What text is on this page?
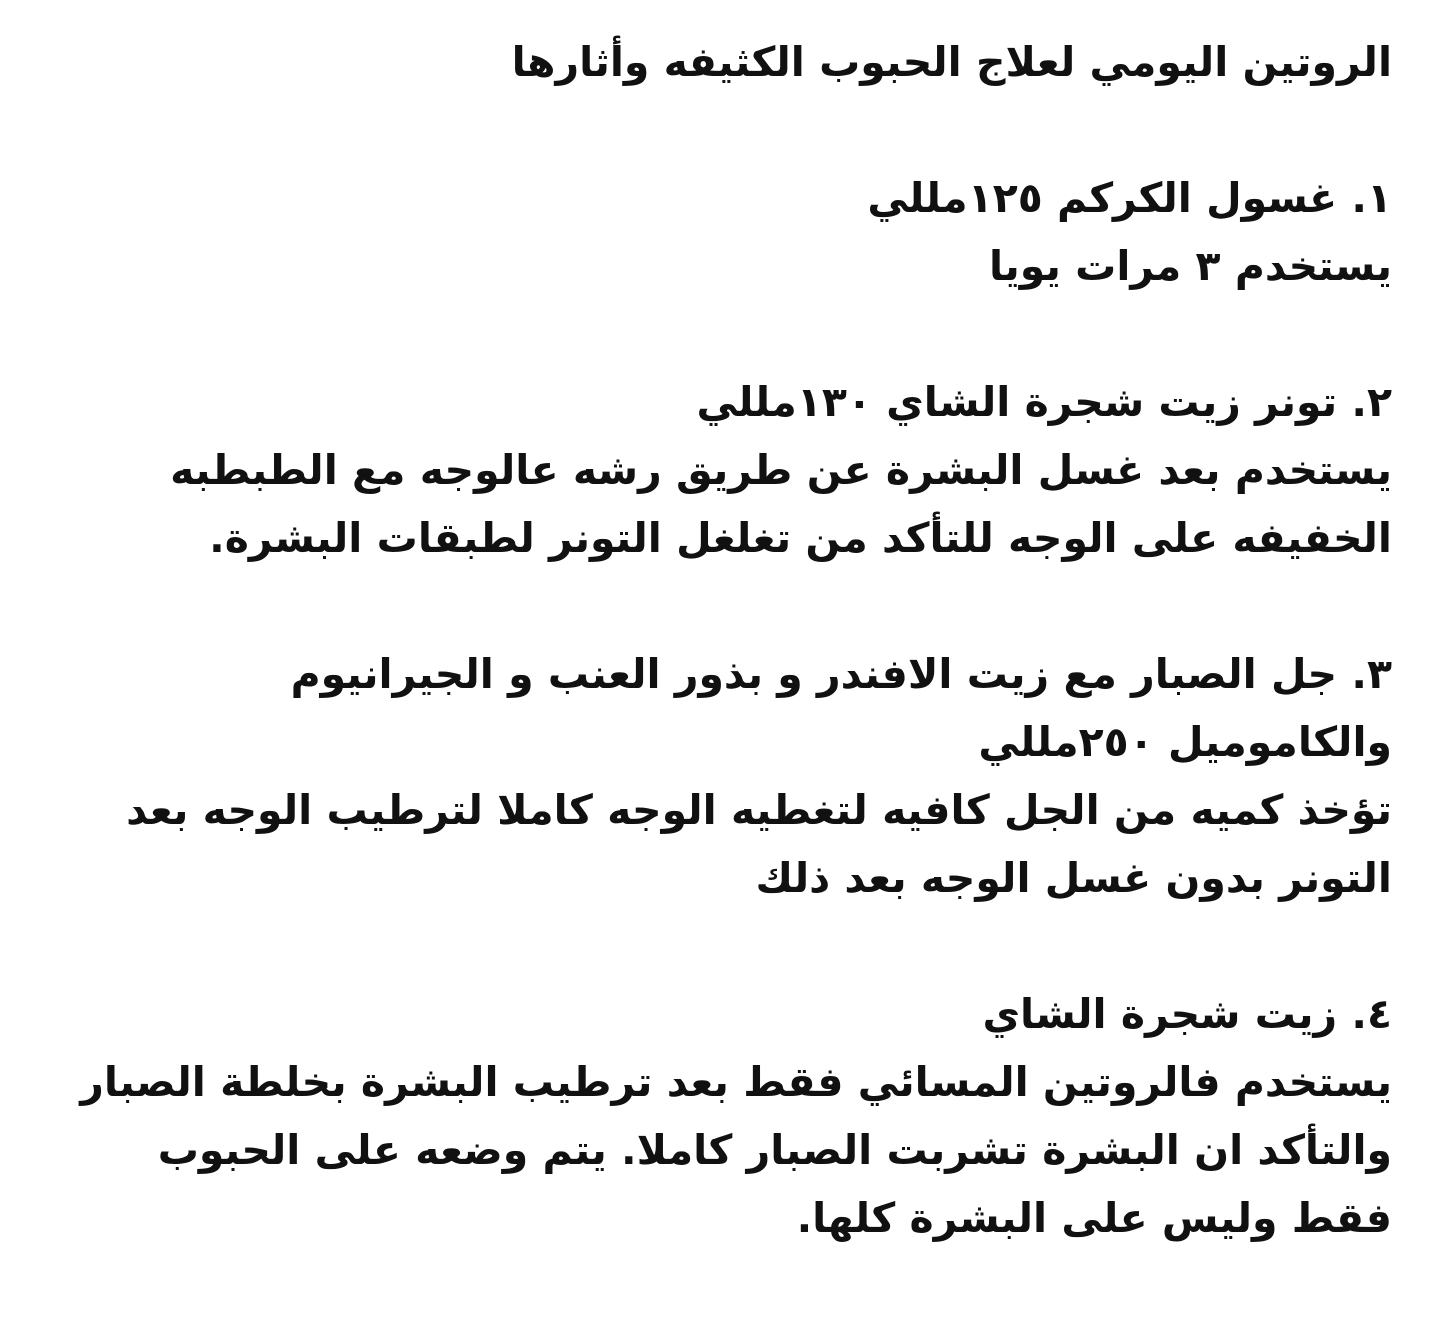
الروتين اليومي لعلاج الحبوب الكثيفه وأثارها
١. غسول الكركم ١٢٥مللي
يستخدم ٣ مرات يويا
٢. تونر زيت شجرة الشاي ١٣٠مللي
يستخدم بعد غسل البشرة عن طريق رشه عالوجه مع الطبطبه
الخفيفه على الوجه للتأكد من تغلغل التونر لطبقات البشرة.
٣. جل الصبار مع زيت الافندر و بذور العنب و الجيرانيوم
والكاموميل ٢٥٠مللي
تؤخذ كميه من الجل كافيه لتغطيه الوجه كاملا لترطيب الوجه بعد
التونر بدون غسل الوجه بعد ذلك
٤. زيت شجرة الشاي
يستخدم فالروتين المسائي فقط بعد ترطيب البشرة بخلطة الصبار
والتأكد ان البشرة تشربت الصبار كاملا. يتم وضعه على الحبوب
فقط وليس على البشرة كلها.
